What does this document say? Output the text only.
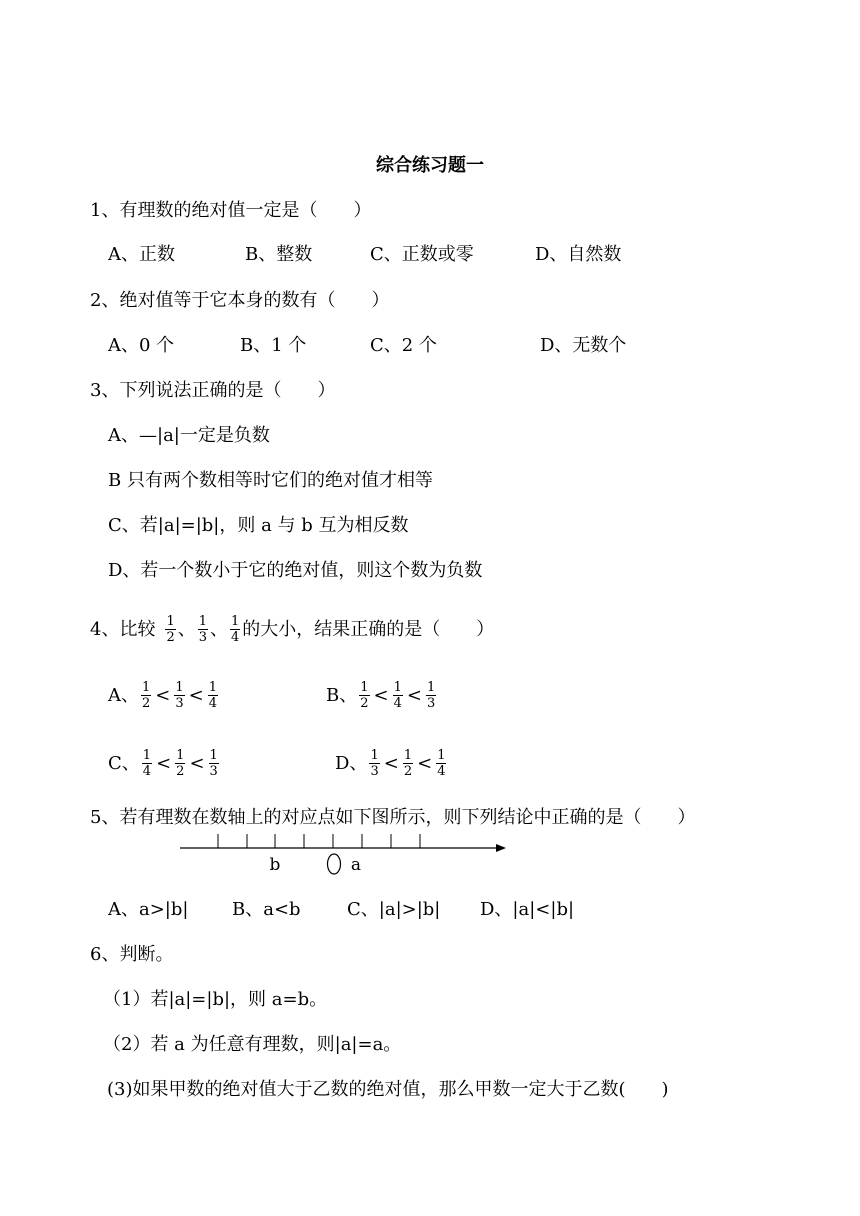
综合练习题一
1、有理数的绝对值一定是（　　）
A、正数	B、整数	C、正数或零	D、自然数
2、绝对值等于它本身的数有（　　）
A、0 个	B、1 个	C、2 个	D、无数个
3、下列说法正确的是（　　）
A、—|a|一定是负数
B 只有两个数相等时它们的绝对值才相等
C、若|a|=|b|，则 a 与 b 互为相反数
D、若一个数小于它的绝对值，则这个数为负数
4、比较 $\frac{1}{2}$ 、 $\frac{1}{3}$ 、 $\frac{1}{4}$ 的大小，结果正确的是（　　）
A、 $\frac{1}{2} < \frac{1}{3} < \frac{1}{4}$	B、 $\frac{1}{2} < \frac{1}{4} < \frac{1}{3}$
C、 $\frac{1}{4} < \frac{1}{2} < \frac{1}{3}$	D、 $\frac{1}{3} < \frac{1}{2} < \frac{1}{4}$
5、若有理数在数轴上的对应点如下图所示，则下列结论中正确的是（　　）
b	a
A、a>|b| B、a<b	C、|a|>|b| D、|a|<|b|
6、判断。
（1）若|a|=|b|，则 a=b。
（2）若 a 为任意有理数，则|a|=a。
(3)如果甲数的绝对值大于乙数的绝对值，那么甲数一定大于乙数(　　)
